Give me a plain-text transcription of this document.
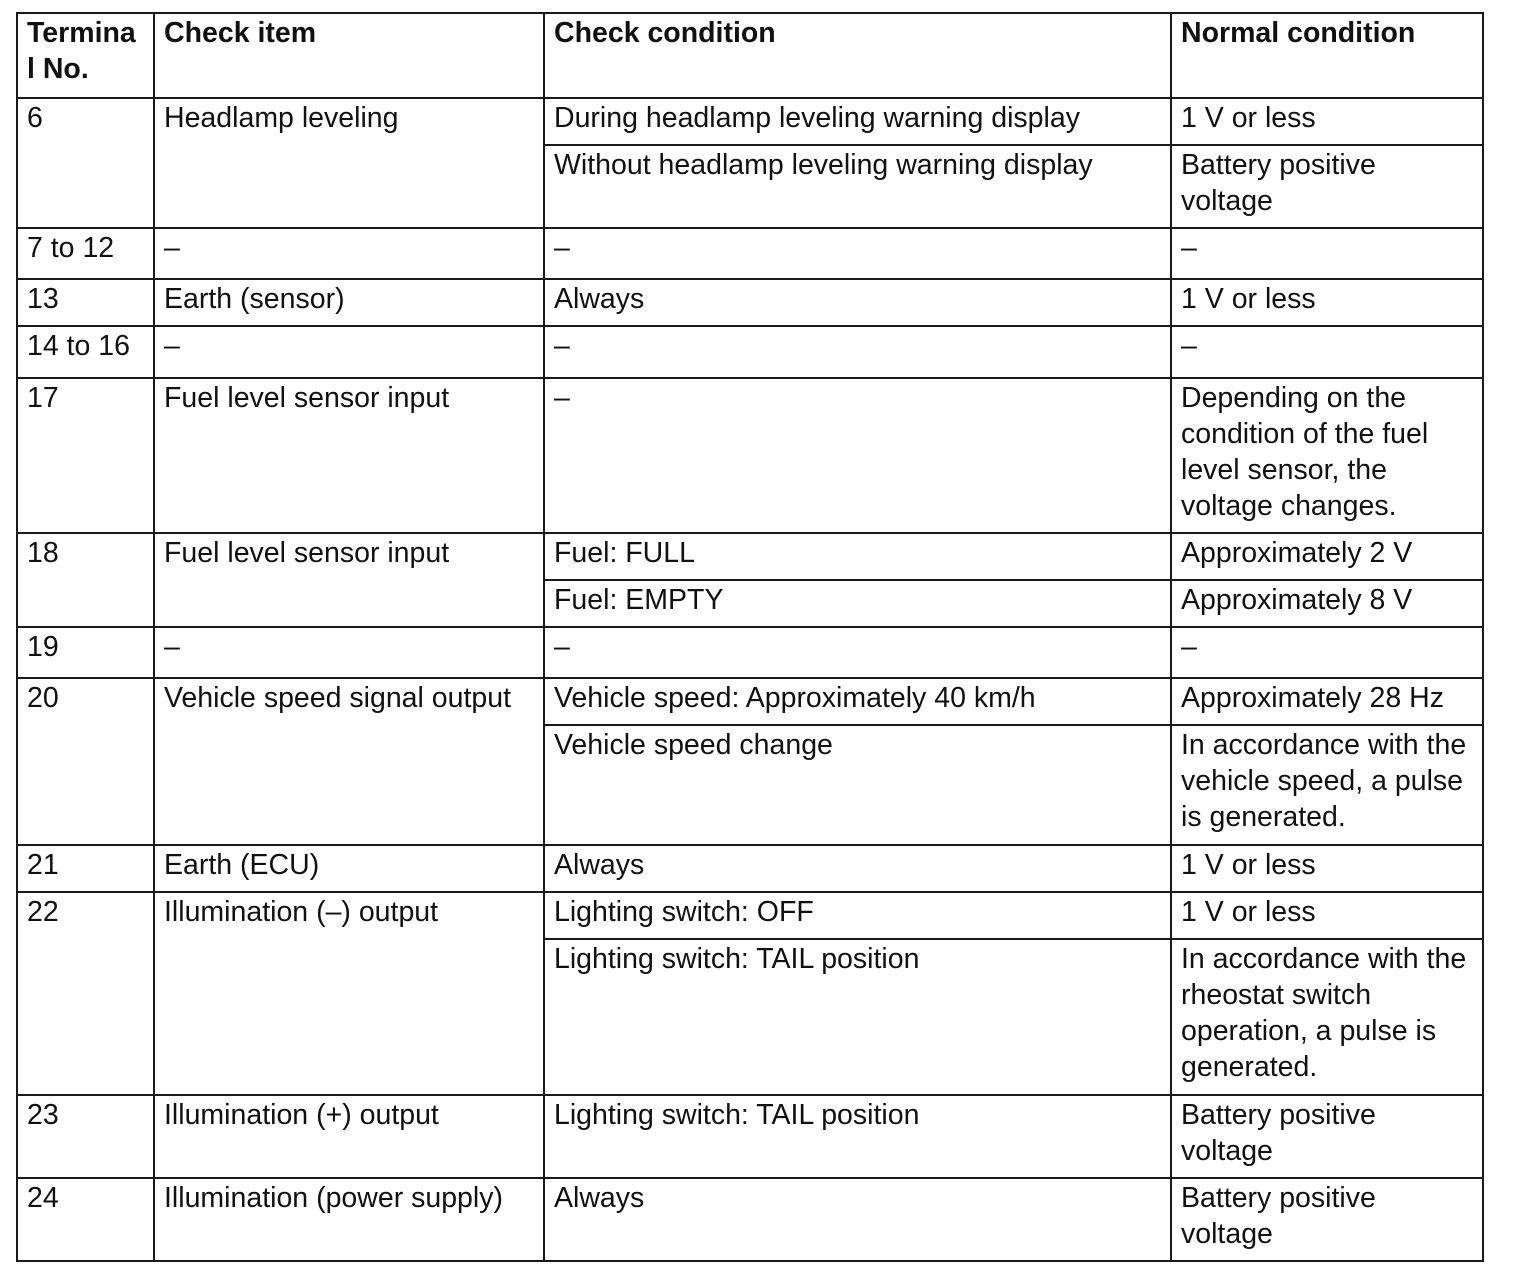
Termina l No.	Check item	Check condition	Normal condition
6	Headlamp leveling	During headlamp leveling warning display	1 V or less
		Without headlamp leveling warning display	Battery positive voltage
7 to 12	–	–	–
13	Earth (sensor)	Always	1 V or less
14 to 16	–	–	–
17	Fuel level sensor input	–	Depending on the condition of the fuel level sensor, the voltage changes.
18	Fuel level sensor input	Fuel: FULL	Approximately 2 V
		Fuel: EMPTY	Approximately 8 V
19	–	–	–
20	Vehicle speed signal output	Vehicle speed: Approximately 40 km/h	Approximately 28 Hz
		Vehicle speed change	In accordance with the vehicle speed, a pulse is generated.
21	Earth (ECU)	Always	1 V or less
22	Illumination (–) output	Lighting switch: OFF	1 V or less
		Lighting switch: TAIL position	In accordance with the rheostat switch operation, a pulse is generated.
23	Illumination (+) output	Lighting switch: TAIL position	Battery positive voltage
24	Illumination (power supply)	Always	Battery positive voltage
